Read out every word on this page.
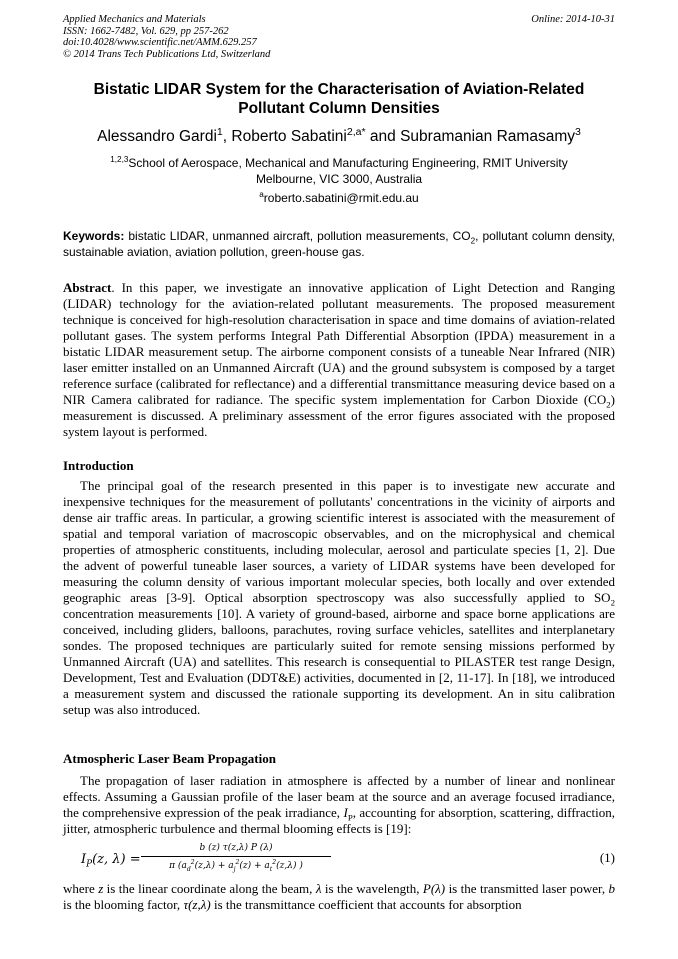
Applied Mechanics and Materials
ISSN: 1662-7482, Vol. 629, pp 257-262
doi:10.4028/www.scientific.net/AMM.629.257
© 2014 Trans Tech Publications Ltd, Switzerland
Online: 2014-10-31
Bistatic LIDAR System for the Characterisation of Aviation-Related Pollutant Column Densities
Alessandro Gardi$^1$, Roberto Sabatini$^{2,a*}$ and Subramanian Ramasamy$^3$
$^{1,2,3}$School of Aerospace, Mechanical and Manufacturing Engineering, RMIT University
Melbourne, VIC 3000, Australia
$^a$roberto.sabatini@rmit.edu.au
Keywords: bistatic LIDAR, unmanned aircraft, pollution measurements, $CO_2$, pollutant column density, sustainable aviation, aviation pollution, green-house gas.
Abstract. In this paper, we investigate an innovative application of Light Detection and Ranging (LIDAR) technology for the aviation-related pollutant measurements. The proposed measurement technique is conceived for high-resolution characterisation in space and time domains of aviation-related pollutant gases. The system performs Integral Path Differential Absorption (IPDA) measurement in a bistatic LIDAR measurement setup. The airborne component consists of a tuneable Near Infrared (NIR) laser emitter installed on an Unmanned Aircraft (UA) and the ground subsystem is composed by a target reference surface (calibrated for reflectance) and a differential transmittance measuring device based on a NIR Camera calibrated for radiance. The specific system implementation for Carbon Dioxide $(CO_2)$ measurement is discussed. A preliminary assessment of the error figures associated with the proposed system layout is performed.
Introduction
The principal goal of the research presented in this paper is to investigate new accurate and inexpensive techniques for the measurement of pollutants' concentrations in the vicinity of airports and dense air traffic areas. In particular, a growing scientific interest is associated with the measurement of spatial and temporal variation of macroscopic observables, and on the microphysical and chemical properties of atmospheric constituents, including molecular, aerosol and particulate species [1, 2]. Due the advent of powerful tuneable laser sources, a variety of LIDAR systems have been developed for measuring the column density of various important molecular species, both locally and over extended geographic areas [3-9]. Optical absorption spectroscopy was also successfully applied to $SO_2$ concentration measurements [10]. A variety of ground-based, airborne and space borne applications are conceived, including gliders, balloons, parachutes, roving surface vehicles, satellites and interplanetary sondes. The proposed techniques are particularly suited for remote sensing missions performed by Unmanned Aircraft (UA) and satellites. This research is consequential to PILASTER test range Design, Development, Test and Evaluation (DDT&E) activities, documented in [2, 11-17]. In [18], we introduced a measurement system and discussed the rationale supporting its development. An in situ calibration setup was also introduced.
Atmospheric Laser Beam Propagation
The propagation of laser radiation in atmosphere is affected by a number of linear and nonlinear effects. Assuming a Gaussian profile of the laser beam at the source and an average focused irradiance, the comprehensive expression of the peak irradiance, $I_P$, accounting for absorption, scattering, diffraction, jitter, atmospheric turbulence and thermal blooming effects is [19]:
$I_P(z$, λ) =
b (z) τ(z,λ) P (λ)
π ($a_d^2(z,\lambda) + a_j^2(z) + a_t^2(z,\lambda)$ )
(1)
where z is the linear coordinate along the beam, λ is the wavelength, P(λ) is the transmitted laser power, b is the blooming factor, τ(z,λ) is the transmittance coefficient that accounts for absorption
